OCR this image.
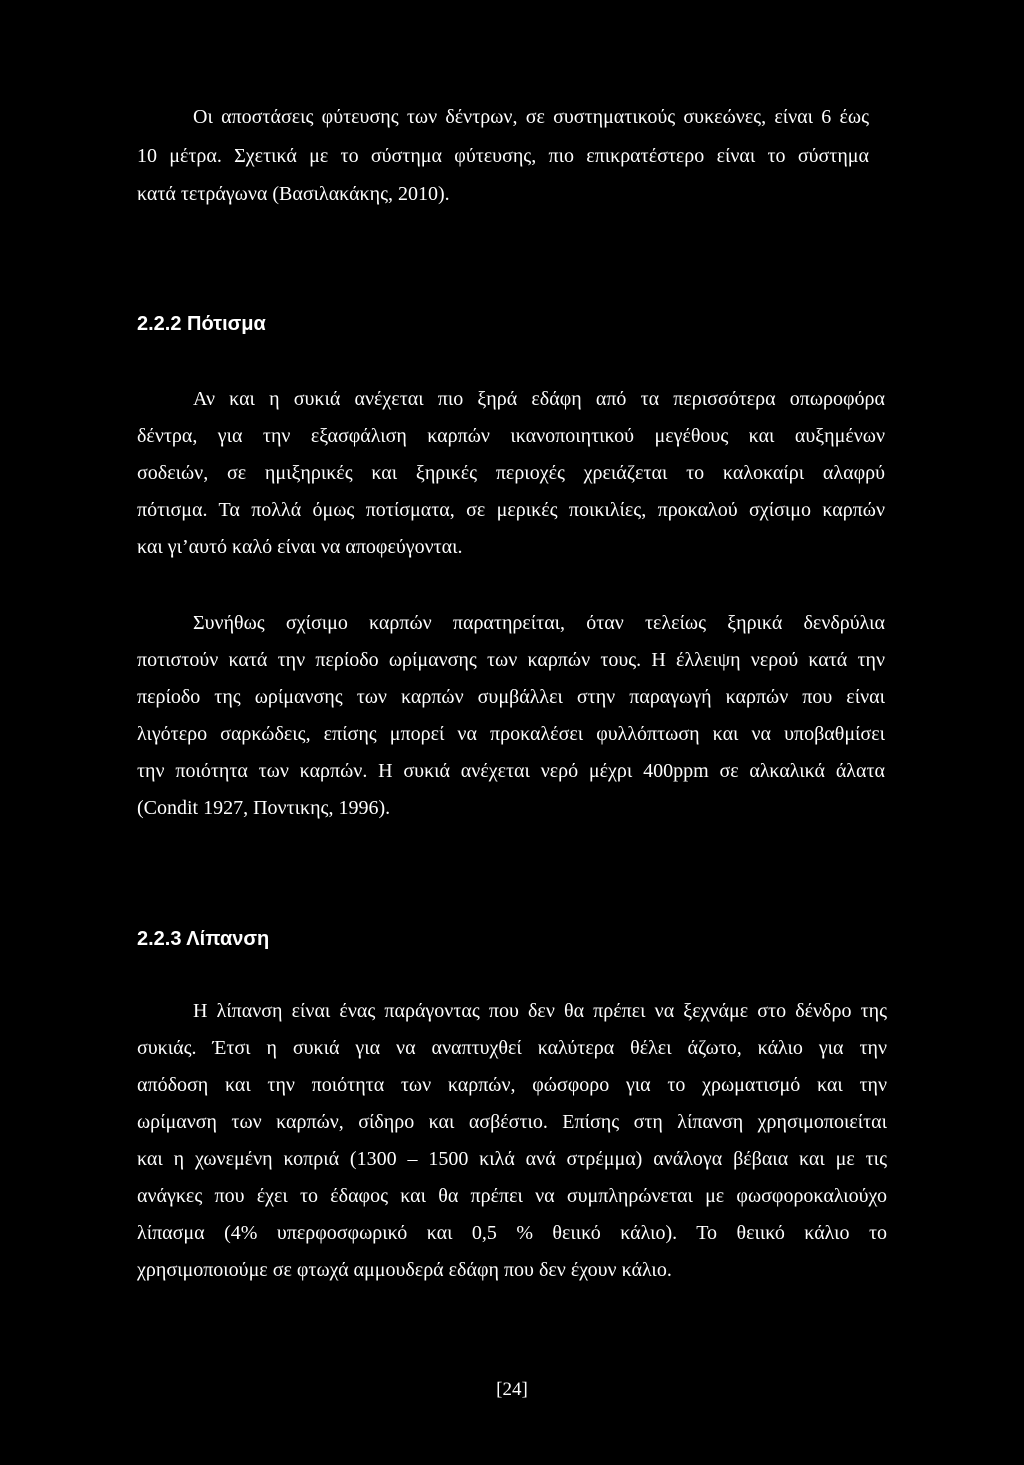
Οι αποστάσεις φύτευσης των δέντρων, σε συστηματικούς συκεώνες, είναι 6 έως
10 μέτρα. Σχετικά με το σύστημα φύτευσης, πιο επικρατέστερο είναι το σύστημα
κατά τετράγωνα (Βασιλακάκης, 2010).
2.2.2 Πότισμα
Αν και η συκιά ανέχεται πιο ξηρά εδάφη από τα περισσότερα οπωροφόρα
δέντρα, για την εξασφάλιση καρπών ικανοποιητικού μεγέθους και αυξημένων
σοδειών, σε ημιξηρικές και ξηρικές περιοχές χρειάζεται το καλοκαίρι αλαφρύ
πότισμα. Τα πολλά όμως ποτίσματα, σε μερικές ποικιλίες, προκαλού σχίσιμο καρπών
και γι’αυτό καλό είναι να αποφεύγονται.
Συνήθως σχίσιμο καρπών παρατηρείται, όταν τελείως ξηρικά δενδρύλια
ποτιστούν κατά την περίοδο ωρίμανσης των καρπών τους. Η έλλειψη νερού κατά την
περίοδο της ωρίμανσης των καρπών συμβάλλει στην παραγωγή καρπών που είναι
λιγότερο σαρκώδεις, επίσης μπορεί να προκαλέσει φυλλόπτωση και να υποβαθμίσει
την ποιότητα των καρπών. Η συκιά ανέχεται νερό μέχρι 400ppm σε αλκαλικά άλατα
(Condit 1927, Ποντικης, 1996).
2.2.3 Λίπανση
Η λίπανση είναι ένας παράγοντας που δεν θα πρέπει να ξεχνάμε στο δένδρο της
συκιάς. Έτσι η συκιά για να αναπτυχθεί καλύτερα θέλει άζωτο, κάλιο για την
απόδοση και την ποιότητα των καρπών, φώσφορο για το χρωματισμό και την
ωρίμανση των καρπών, σίδηρο και ασβέστιο. Επίσης στη λίπανση χρησιμοποιείται
και η χωνεμένη κοπριά (1300 – 1500 κιλά ανά στρέμμα) ανάλογα βέβαια και με τις
ανάγκες που έχει το έδαφος και θα πρέπει να συμπληρώνεται με φωσφοροκαλιούχο
λίπασμα (4% υπερφοσφωρικό και 0,5 % θειικό κάλιο). Το θειικό κάλιο το
χρησιμοποιούμε σε φτωχά αμμουδερά εδάφη που δεν έχουν κάλιο.
[24]
